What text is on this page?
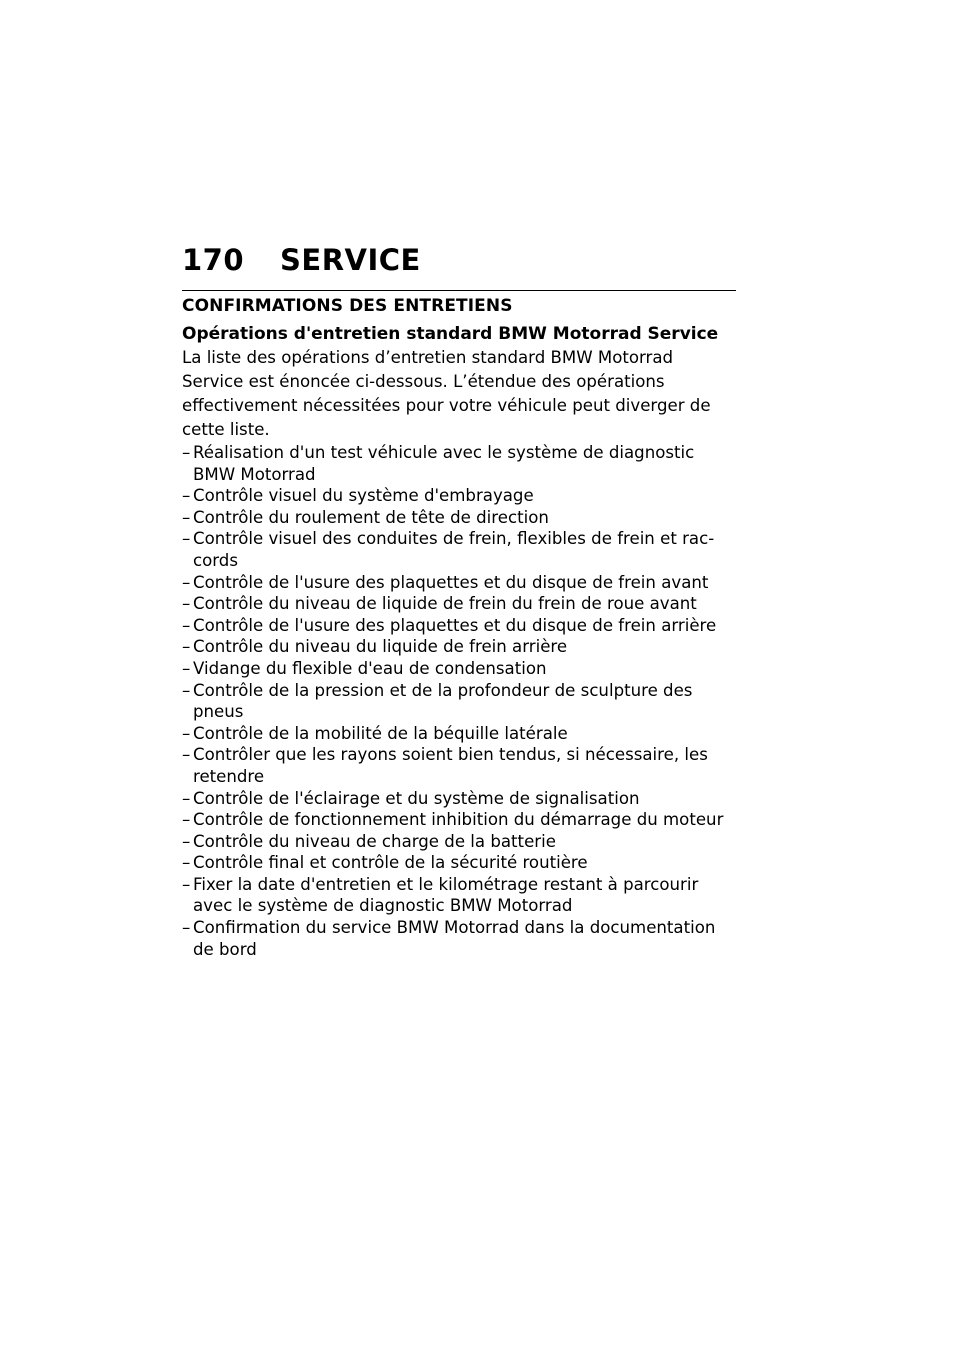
170	SERVICE
CONFIRMATIONS DES ENTRETIENS
Opérations d'entretien standard BMW Motorrad Service

La liste des opérations d’entretien standard BMW Motorrad
Service est énoncée ci-dessous. L’étendue des opérations
effectivement nécessitées pour votre véhicule peut diverger de
cette liste.

– Réalisation d'un test véhicule avec le système de diagnostic
BMW Motorrad
– Contrôle visuel du système d'embrayage
– Contrôle du roulement de tête de direction
– Contrôle visuel des conduites de frein, flexibles de frein et rac-
cords
– Contrôle de l'usure des plaquettes et du disque de frein avant
– Contrôle du niveau de liquide de frein du frein de roue avant
– Contrôle de l'usure des plaquettes et du disque de frein arrière
– Contrôle du niveau du liquide de frein arrière
– Vidange du flexible d'eau de condensation
– Contrôle de la pression et de la profondeur de sculpture des
pneus
– Contrôle de la mobilité de la béquille latérale
– Contrôler que les rayons soient bien tendus, si nécessaire, les
retendre
– Contrôle de l'éclairage et du système de signalisation
– Contrôle de fonctionnement inhibition du démarrage du moteur
– Contrôle du niveau de charge de la batterie
– Contrôle final et contrôle de la sécurité routière
– Fixer la date d'entretien et le kilométrage restant à parcourir
avec le système de diagnostic BMW Motorrad
– Confirmation du service BMW Motorrad dans la documentation
de bord
